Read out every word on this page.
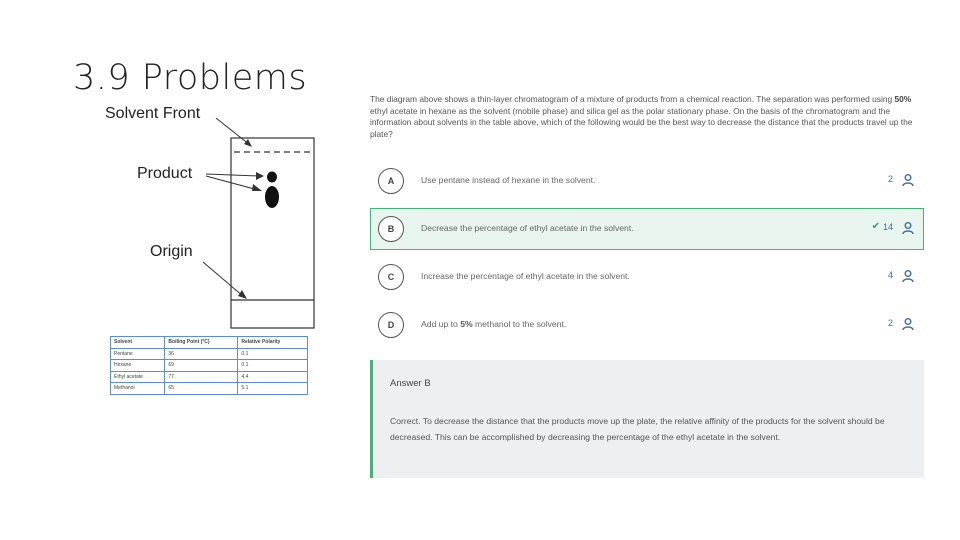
3.9 Problems
Solvent Front
Product
Origin
Solvent	Boiling Point (°C)	Relative Polarity
Pentane	36	0.1
Hexane	69	0.1
Ethyl acetate	77	4.4
Methanol	65	5.1
The diagram above shows a thin-layer chromatogram of a mixture of products from a chemical reaction. The separation was performed using 50% ethyl acetate in hexane as the solvent (mobile phase) and silica gel as the polar stationary phase. On the basis of the chromatogram and the information about solvents in the table above, which of the following would be the best way to decrease the distance that the products travel up the plate?
A	Use pentane instead of hexane in the solvent.	2
B	Decrease the percentage of ethyl acetate in the solvent.	✔ 14
C	Increase the percentage of ethyl acetate in the solvent.	4
D	Add up to 5% methanol to the solvent.	2
Answer B
Correct. To decrease the distance that the products move up the plate, the relative affinity of the products for the solvent should be decreased. This can be accomplished by decreasing the percentage of the ethyl acetate in the solvent.
